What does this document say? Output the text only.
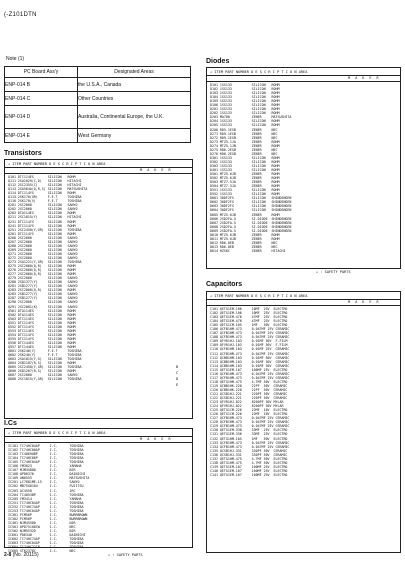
(-Z101DTN
Note (1)
PC Board Ass'y	Designated Areas
ENP-014 B	the U.S.A., Canada
ENP-014 C	Other Countries
ENP-014 D	Australia, Continental Europe, the U.K.
ENP-014 E	West Germany
Transistors
⚠ ITEM PART NUMBER D E S C R I P T I O N AREA
M A K E R
Q101 DTC114ES       SILICON   ROHM
Q111 2SA1029(C,D)   SILICON   HITACHI
Q112 2SC2355(C)     SILICON   HITACHI
Q113 2SA564A(Q,R,S) SILICON   MATSUSHITA
Q114 DTC114YS       SILICON   ROHM
Q115 2SK170(GR)     F.E.T     TOSHIBA
Q116 2SK170(V)      F.E.T     TOSHIBA
Q201 2SC2060        SILICON   SANYO
Q202 2SC2060        SILICON   SANYO
Q203 DTA114ES       SILICON   ROHM
Q211 2SC1815(Y)     SILICON   HITACHI
Q231 DTC114YS       SILICON   ROHM
Q241 DTC114YS       SILICON   ROHM
Q251 2SC2458(Y,GR)  SILICON   TOSHIBA
Q261 DTC114YS       SILICON   ROHM
Q266 2SC2060        SILICON   SANYO
Q267 2SC2060        SILICON   SANYO
Q268 2SC2060        SILICON   SANYO
Q269 2SC2060        SILICON   SANYO
Q271 2SC2060        SILICON   SANYO
Q272 2SC2060        SILICON   SANYO
Q273 2SA1221(Y,GR)  SILICON   TOSHIBA
Q275 2SC2060(Q,R)   SILICON   ROHM
Q276 2SC2060(Q,R)   SILICON   ROHM
Q277 2SC2060(Q,R)   SILICON   ROHM
Q279 2SC2060        SILICON   SANYO
Q280 2SD1377(Y)     SILICON   SANYO
Q281 2SB1277(Y)     SILICON   SANYO
Q283 2SC2060(Q,R)   SILICON   ROHM
Q285 2SB1277(Y)     SILICON   SANYO
Q287 2SB1277(Y)     SILICON   SANYO
Q290 2SC2060        SILICON   SANYO
Q291 2SC2001(K)     SILICON   SANYO
Q501 DTA114ES       SILICON   ROHM
Q502 DTA114ES       SILICON   ROHM
Q503 DTC114ES       SILICON   ROHM
Q551 DTC114YS       SILICON   ROHM
Q552 DTC114YS       SILICON   ROHM
Q553 DTC114ES       SILICON   ROHM
Q554 DTC114YS       SILICON   ROHM
Q555 DTC114YS       SILICON   ROHM
Q556 DTC144ES       SILICON   ROHM
Q557 DTC144ES       SILICON   ROHM
Q601 2SK246(Y)      F.E.T     TOSHIBA
Q602 2SK246(Y)      F.E.T     TOSHIBA
Q603 2SA1015(Y,G)   SILICON   TOSHIBA
Q604 2SB1187(R,S)   SILICON   ROHM
Q605 2SC2458(Y,GR)  SILICON   TOSHIBA
Q606 2SD1267(R,S)   SILICON   ROHM
Q607 2SC2060        SILICON   SANYO
Q608 2SC1815(Y,GR)  SILICON   TOSHIBA
B
C
D
E
I.Cs
⚠ ITEM PART NUMBER D E S C R I P T I O N AREA
M A K E R
IC101 TC74HC04AP     I.C.      TOSHIBA
IC102 TC74HC00AP     I.C.      TOSHIBA
IC103 TC4069UBP      I.C.      TOSHIBA
IC104 TC74HC86P      I.C.      TOSHIBA
IC105 TC74HC04AP     I.C.      TOSHIBA
IC106 YM3623         I.C.      YAMAHA
IC107 MJM4580D       I.C.      NJR
IC108 UPD6376        I.C.      DAINICHI
IC109 AN6555         I.C.      MATSUSHITA
IC201 LC7881ME-15    I.C.      SANYO
IC202 MB75G0104      I.C.      FUJITSU
IC203 AC4558         I.C.      JRC
IC204 TC4053BP       I.C.      TOSHIBA
IC205 YM3414         I.C.      YAMAHA
IC251 TC74HC04AP     I.C.      TOSHIBA
IC252 TC74HC74AP     I.C.      TOSHIBA
IC253 TC74HC04AP     I.C.      TOSHIBA
IC301 PCM56P         I.C.      BURRBROWN
IC302 PCM56P         I.C.      BURRBROWN
IC401 NJM4558D       I.C.      NJR
IC501 UPD75108CW     I.C.      NEC
IC502 NJM5532D       I.C.      NJR
IC601 PD6340         I.C.      DAINICHI
IC602 TC74HC74AP     I.C.      TOSHIBA
IC603 TC74HC04AP     I.C.      TOSHIBA
IC604 TC74HC221P     I.C.      TOSHIBA
IC605 STK2378C       I.C.      NEC
Diodes
⚠ ITEM PART NUMBER D E S C R I P T I O N AREA
M A K E R
D101 1SS133          SILICON   ROHM
D102 1SS133          SILICON   ROHM
D103 1SS133          SILICON   ROHM
D104 1SS133          SILICON   ROHM
D105 1SS133          SILICON   ROHM
D106 1SS133          SILICON   ROHM
D201 1SS133          SILICON   ROHM
D202 1SS133          SILICON   ROHM
D203 MA700           ZENER     MATSUSHITA
D204 1SS133          SILICON   ROHM
D205 1SS133          SILICON   ROHM
D206 RD5.1ESB        ZENER     NEC
D271 RD9.1ESB        ZENER     NEC
D272 RD9.1ESB        ZENER     NEC
D273 MTZ5.1JA        ZENER     ROHM
D274 MTZ5.1JB        ZENER     ROHM
D275 RD6.2ESB        ZENER     NEC
D276 RD6.2ESB        ZENER     NEC
D301 1SS133          SILICON   ROHM
D302 1SS133          SILICON   ROHM
D303 1SS133          SILICON   ROHM
D401 1SS133          SILICON   ROHM
D501 MTZ5.6JB        ZENER     ROHM
D502 MTZ5.6JB        ZENER     ROHM
D503 MTZ7.5JA        ZENER     ROHM
D504 MTZ7.5JA        ZENER     ROHM
D551 1SS133          SILICON   ROHM
D552 1SS133          SILICON   ROHM
D601 30DF2FS         SILICON   SHINDENGEN
D602 30DF2FS         SILICON   SHINDENGEN
D603 30DF2FS         SILICON   SHINDENGEN
D604 30DF2FS         SILICON   SHINDENGEN
D605 MTZ5.6JB        ZENER     ROHM
D606 2SD2FA-5        SI.DIODE  SHINDENGEN
D607 2SD2FA-5        SI.DIODE  SHINDENGEN
D608 2SD2FA-5        SI.DIODE  SHINDENGEN
D609 2SD2FA-5        SI.DIODE  SHINDENGEN
D610 MTZ5.6JB        ZENER     ROHM
D611 MTZ5.6JB        ZENER     ROHM
D612 RD6.8EB         ZENER     NEC
D613 RD6.8EB         ZENER     NEC
D614 HZS6C           ZENER     HITACHI
⚠ : SAFETY PARTS
Capacitors
⚠ ITEM PART NUMBER D E S C R I P T I O N AREA
M A K E R
C101 QETG1EM-106     10MF  25V  ELECTRO
C102 QETG1EM-106     10MF  25V  ELECTRO
C103 QETG1EM-476     47MF  25V  ELECTRO
C104 QETG1EM-476     47MF  25V  ELECTRO
C105 QETG1CM-105     1MF   50V  ELECTRO
C106 QCFB1HM-473     0.047MF 25V CERAMIC
C107 QCFB1HM-473     0.047MF 25V CERAMIC
C108 QCFB1HM-473     0.047MF 25V CERAMIC
C109 QFVR1HJ-103     0.01MF 50V  F.FILM
C109 QFVR1HJ-103     0.01MF 50V  F.FILM
C110 QCFB1HM-103     0.01MF 25V  CERAMIC
C111 QCFB1HM-473     0.047MF 25V CERAMIC
C112 QCBB1HM-103     0.01MF 50V  CERAMIC
C113 QCBB1HM-103     0.01MF 50V  CERAMIC
C114 QCBB1HM-103     0.01MF 50V  CERAMIC
C115 QETG1EM-107     100MF 25V  ELECTRO
C116 QCFB1HM-473     0.047MF 25V CERAMIC
C117 QCFB1HM-473     0.047MF 25V CERAMIC
C118 QETG1HM-475     4.7MF 50V  ELECTRO
C119 QCBB1HK-220     22PF  50V  CERAMIC
C120 QCBB1HK-220     22PF  50V  CERAMIC
C121 QCSB1HJ-221     220PF 50V  CERAMIC
C122 QCSB1HJ-221     220PF 50V  CERAMIC
C123 QFVR1HJ-822     8200PF 50V MYLAR
C124 QFVR1HJ-822     8200PF 50V MYLAR
C125 QETG1CM-226     22MF  16V  ELECTRO
C126 QETG1CM-226     22MF  16V  ELECTRO
C127 QCFB1HM-473     0.047MF 25V CERAMIC
C128 QCFB1HM-473     0.047MF 25V CERAMIC
C129 QCFB1HM-473     0.047MF 25V CERAMIC
C130 QETG1EM-336     33MF  25V  ELECTRO
C131 QETG1EM-336     33MF  25V  ELECTRO
C132 QETG1HM-105     1MF   50V  ELECTRO
C133 QCFB1HM-473     0.047MF 25V CERAMIC
C134 QCFB1HM-473     0.047MF 25V CERAMIC
C135 QCSB1HJ-331     330PF 50V  CERAMIC
C136 QCSB1HJ-331     330PF 50V  CERAMIC
C137 QETG1HM-475     4.7MF 50V  ELECTRO
C138 QETG1HM-475     4.7MF 50V  ELECTRO
C139 QETG1EM-107     100MF 25V  ELECTRO
C140 QETG1EM-107     100MF 25V  ELECTRO
C141 QETG1EM-107     100MF 25V  ELECTRO
2-8 (No. 20115)	⚠ : SAFETY PARTS
